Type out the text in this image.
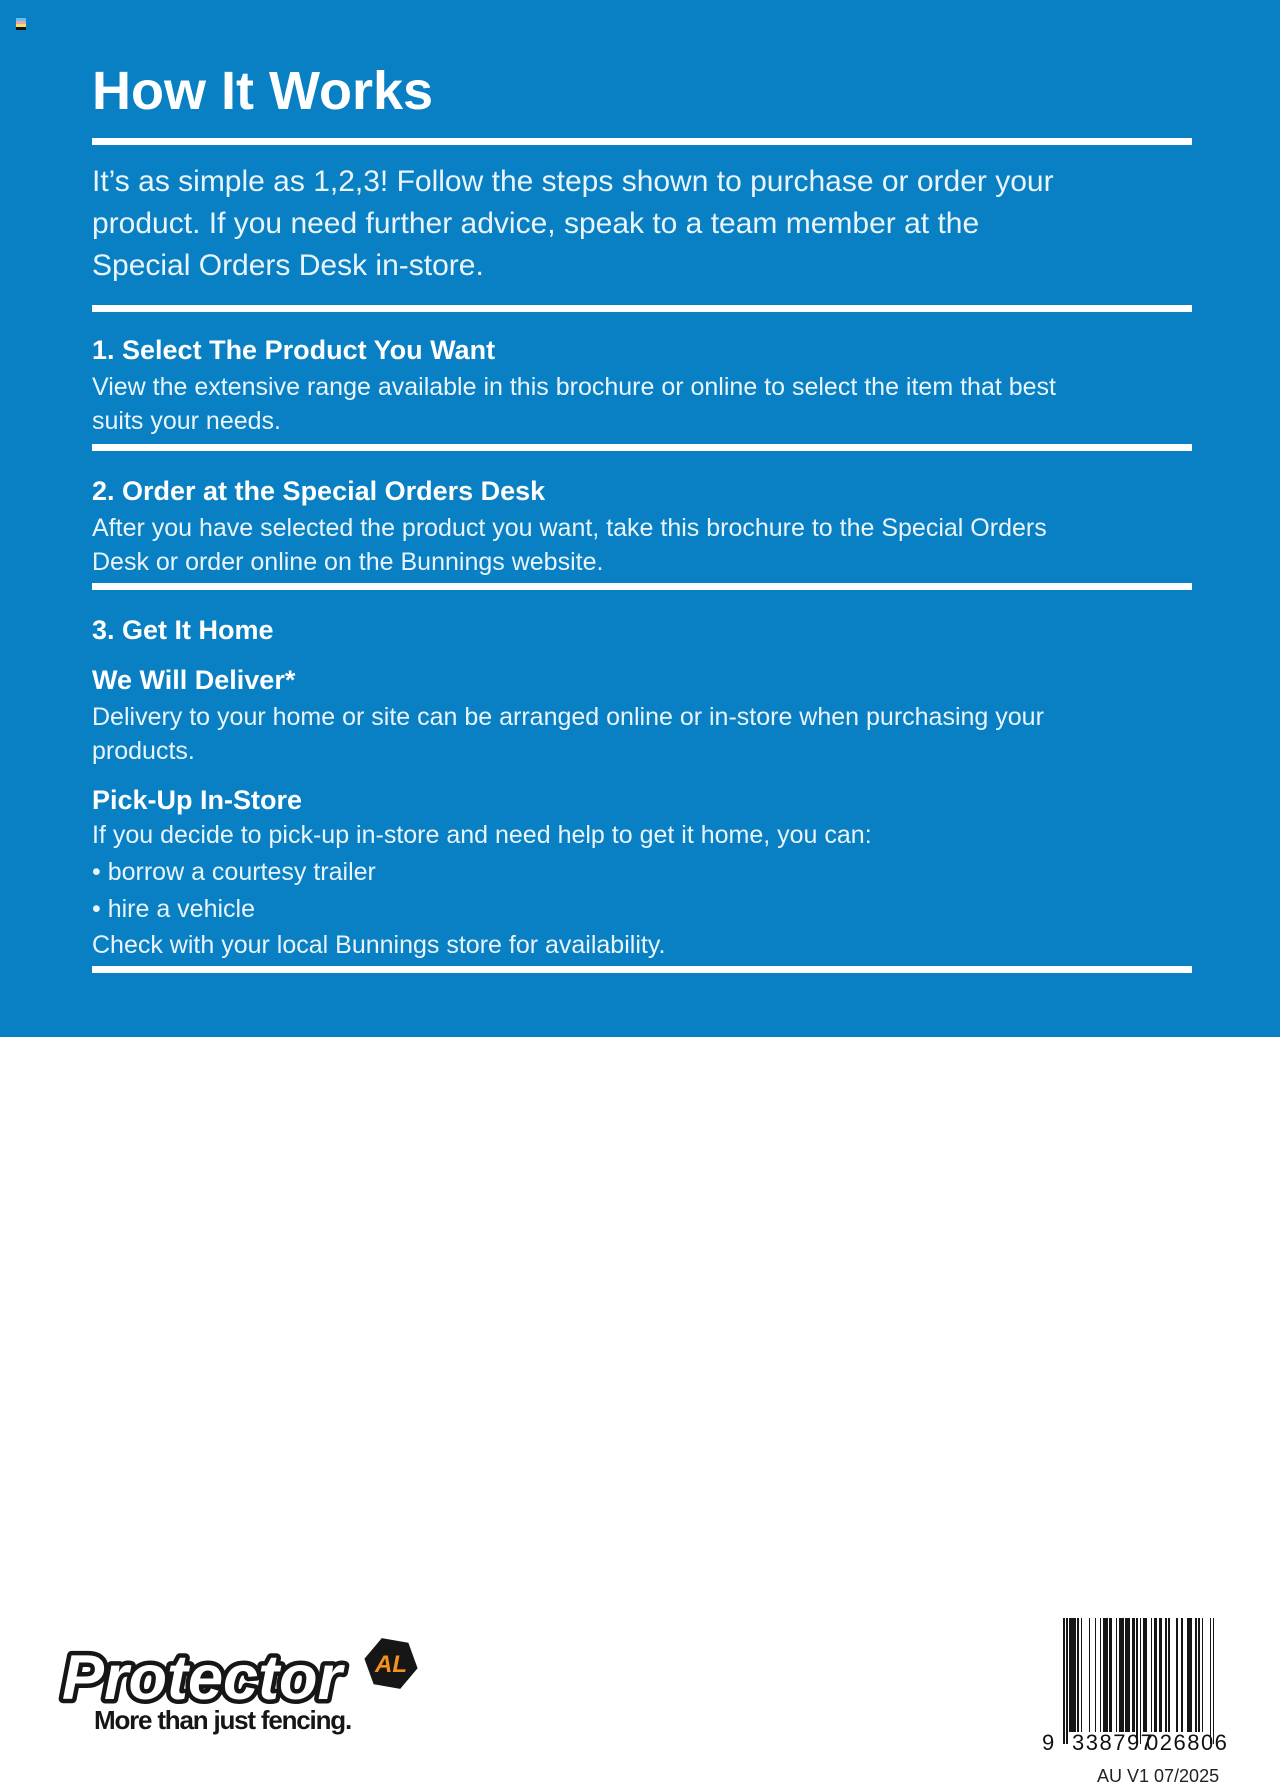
How It Works
It’s as simple as 1,2,3! Follow the steps shown to purchase or order your
product. If you need further advice, speak to a team member at the
Special Orders Desk in-store.
1. Select The Product You Want
View the extensive range available in this brochure or online to select the item that best
suits your needs.
2. Order at the Special Orders Desk
After you have selected the product you want, take this brochure to the Special Orders
Desk or order online on the Bunnings website.
3. Get It Home
We Will Deliver*
Delivery to your home or site can be arranged online or in-store when purchasing your
products.
Pick-Up In-Store
If you decide to pick-up in-store and need help to get it home, you can:
• borrow a courtesy trailer
• hire a vehicle
Check with your local Bunnings store for availability.
Protector AL
More than just fencing.
9 338797
026806
AU V1 07/2025
